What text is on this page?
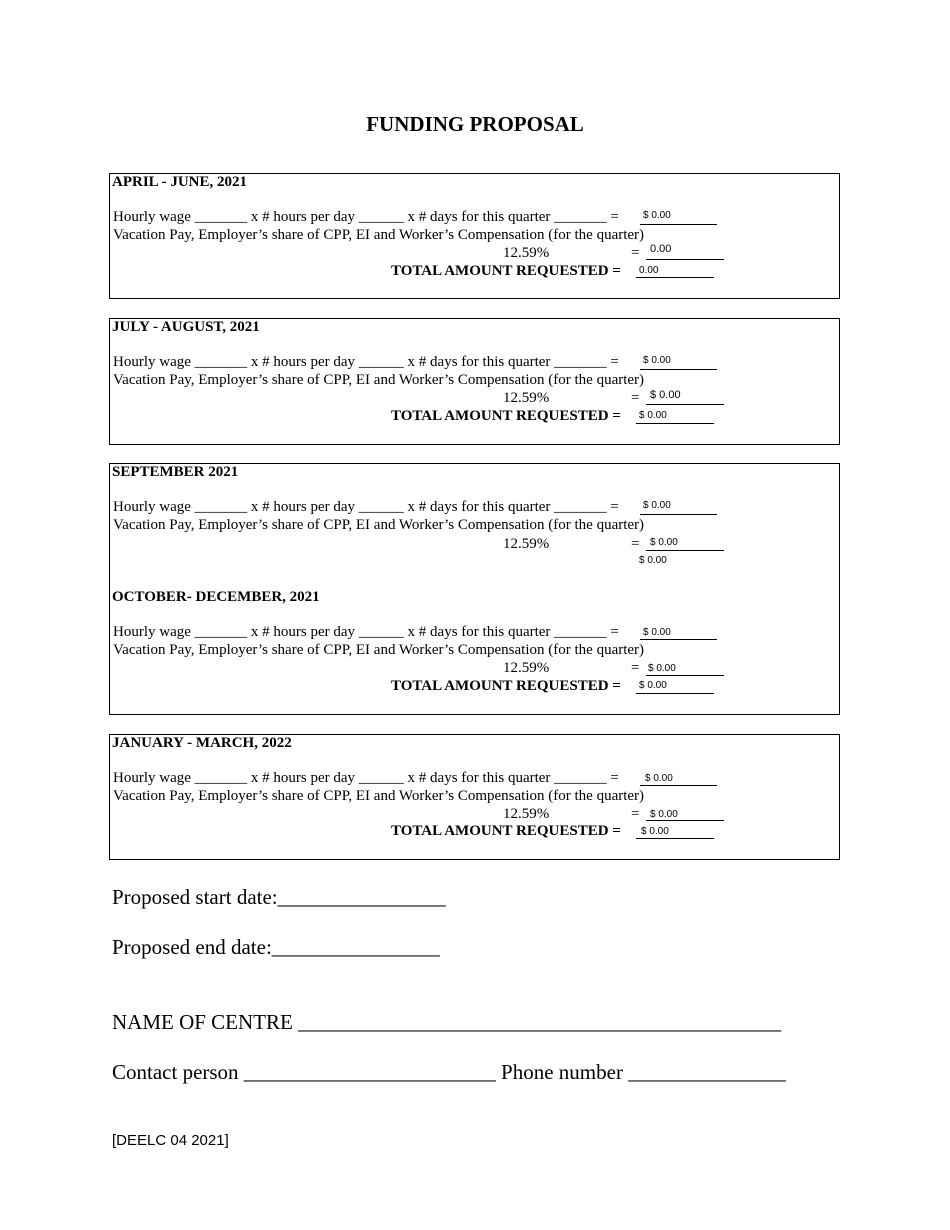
FUNDING PROPOSAL
APRIL - JUNE, 2021
Hourly wage _______ x # hours per day ______ x # days for this quarter _______ = $ 0.00
Vacation Pay, Employer’s share of CPP, EI and Worker’s Compensation (for the quarter)
12.59%	= 0.00
TOTAL AMOUNT REQUESTED = 0.00
JULY - AUGUST, 2021
Hourly wage _______ x # hours per day ______ x # days for this quarter _______ = $ 0.00
Vacation Pay, Employer’s share of CPP, EI and Worker’s Compensation (for the quarter)
12.59%	= $ 0.00
TOTAL AMOUNT REQUESTED = $ 0.00
SEPTEMBER 2021
Hourly wage _______ x # hours per day ______ x # days for this quarter _______ = $ 0.00
Vacation Pay, Employer’s share of CPP, EI and Worker’s Compensation (for the quarter)
12.59%	= $ 0.00
$ 0.00
OCTOBER- DECEMBER, 2021
Hourly wage _______ x # hours per day ______ x # days for this quarter _______ = $ 0.00
Vacation Pay, Employer’s share of CPP, EI and Worker’s Compensation (for the quarter)
12.59%	= $ 0.00
TOTAL AMOUNT REQUESTED = $ 0.00
JANUARY - MARCH, 2022
Hourly wage _______ x # hours per day ______ x # days for this quarter _______ =	$ 0.00
Vacation Pay, Employer’s share of CPP, EI and Worker’s Compensation (for the quarter)
12.59%	= $ 0.00
TOTAL AMOUNT REQUESTED = $ 0.00
Proposed start date:________________
Proposed end date:________________
NAME OF CENTRE ______________________________________________
Contact person ________________________ Phone number _______________
[DEELC 04 2021]
